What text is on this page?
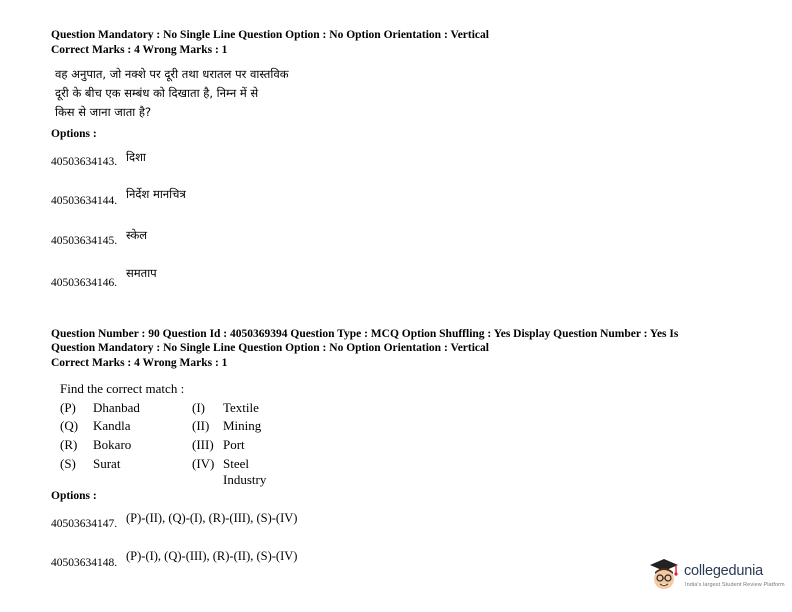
Question Mandatory : No Single Line Question Option : No Option Orientation : Vertical
Correct Marks : 4 Wrong Marks : 1
वह अनुपात, जो नक्शे पर दूरी तथा धरातल पर वास्तविक
दूरी के बीच एक सम्बंध को दिखाता है, निम्न में से
किस से जाना जाता है?
Options :
40503634143. दिशा
40503634144. निर्देश मानचित्र
40503634145. स्केल
40503634146.
समताप
Question Number : 90 Question Id : 4050369394 Question Type : MCQ Option Shuffling : Yes Display Question Number : Yes Is
Question Mandatory : No Single Line Question Option : No Option Orientation : Vertical
Correct Marks : 4 Wrong Marks : 1
Find the correct match :
(P) Dhanbad	(I) Textile
(Q) Kandla	(II) Mining
(R) Bokaro	(III) Port
(S) Surat	(IV) Steel
Industry
Options :
40503634147. (P)-(II), (Q)-(I), (R)-(III), (S)-(IV)
40503634148. (P)-(I), (Q)-(III), (R)-(II), (S)-(IV)
collegedunia
India's largest Student Review Platform
